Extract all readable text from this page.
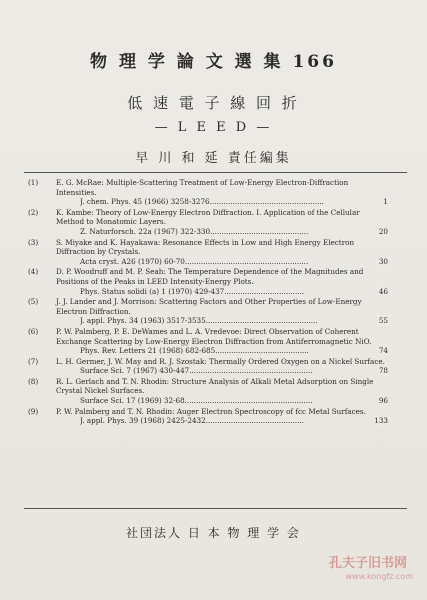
物 理 学 論 文 選 集 166
低 速 電 子 線 回 折
— L E E D —
早 川 和 延 責任編集
(1)	E. G. McRae: Multiple-Scattering Treatment of Low-Energy Electron-Diffraction Intensities.
J. chem. Phys. 45 (1966) 3258-3276..................................................	1
(2)	K. Kambe: Theory of Low-Energy Electron Diffraction. I. Application of the Cellular Method to Monatomic Layers.
Z. Naturforsch. 22a (1967) 322-330...........................................	20
(3)	S. Miyake and K. Hayakawa: Resonance Effects in Low and High Energy Electron Diffraction by Crystals.
Acta cryst. A26 (1970) 60-70......................................................	30
(4)	D. P. Woodruff and M. P. Seah: The Temperature Dependence of the Magnitudes and Positions of the Peaks in LEED Intensity-Energy Plots.
Phys. Status solidi (a) 1 (1970) 429-437...................................	46
(5)	J. J. Lander and J. Morrison: Scattering Factors and Other Properties of Low-Energy Electron Diffraction.
J. appl. Phys. 34 (1963) 3517-3535.................................................	55
(6)	P. W. Palmberg, P. E. DeWames and L. A. Vredevoe: Direct Observation of Coherent Exchange Scattering by Low-Energy Electron Diffraction from Antiferromagnetic NiO.
Phys. Rev. Letters 21 (1968) 682-685.........................................	74
(7)	L. H. Germer, J. W. May and R. J. Szostak: Thermally Ordered Oxygen on a Nickel Surface.
Surface Sci. 7 (1967) 430-447......................................................	78
(8)	R. L. Gerlach and T. N. Rhodin: Structure Analysis of Alkali Metal Adsorption on Single Crystal Nickel Surfaces.
Surface Sci. 17 (1969) 32-68........................................................	96
(9)	P. W. Palmberg and T. N. Rhodin: Auger Electron Spectroscopy of fcc Metal Surfaces.
J. appl. Phys. 39 (1968) 2425-2432...........................................	133
社団法人 日 本 物 理 学 会
孔夫子旧书网
www.kongfz.com
